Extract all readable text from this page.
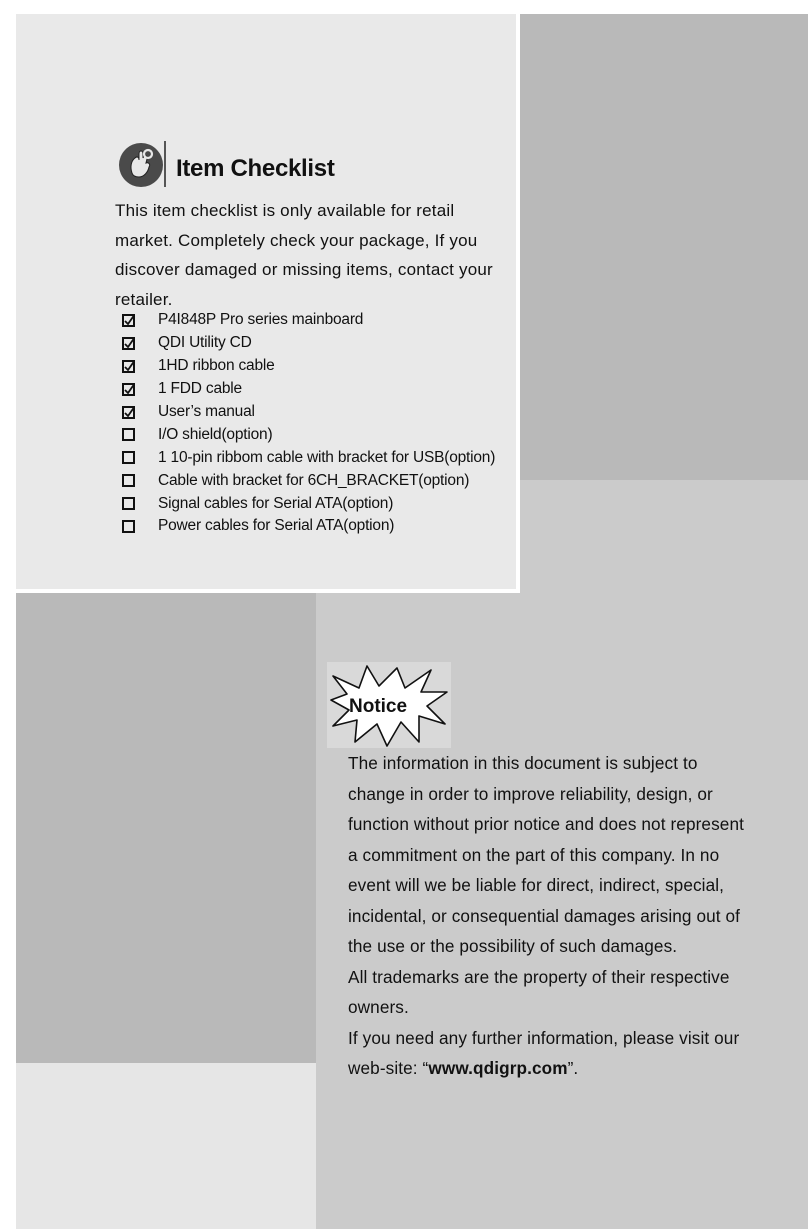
Item Checklist
This item checklist is only available for retail market. Completely check your package, If you discover damaged or missing items, contact your retailer.
P4I848P Pro series mainboard
QDI Utility CD
1HD ribbon cable
1 FDD cable
User’s manual
I/O shield(option)
1 10-pin ribbom cable with bracket for USB(option)
Cable with bracket for 6CH_BRACKET(option)
Signal cables for Serial ATA(option)
Power cables for Serial ATA(option)
Notice

The information in this document is subject to change in order to improve reliability, design, or function without prior notice and does not represent a commitment on the part of this company. In no event will we be liable for direct, indirect, special, incidental, or consequential damages arising out of the use or the possibility of such damages.

All trademarks are the property of their respective owners.

If you need any further information, please visit our web-site: “www.qdigrp.com”.
